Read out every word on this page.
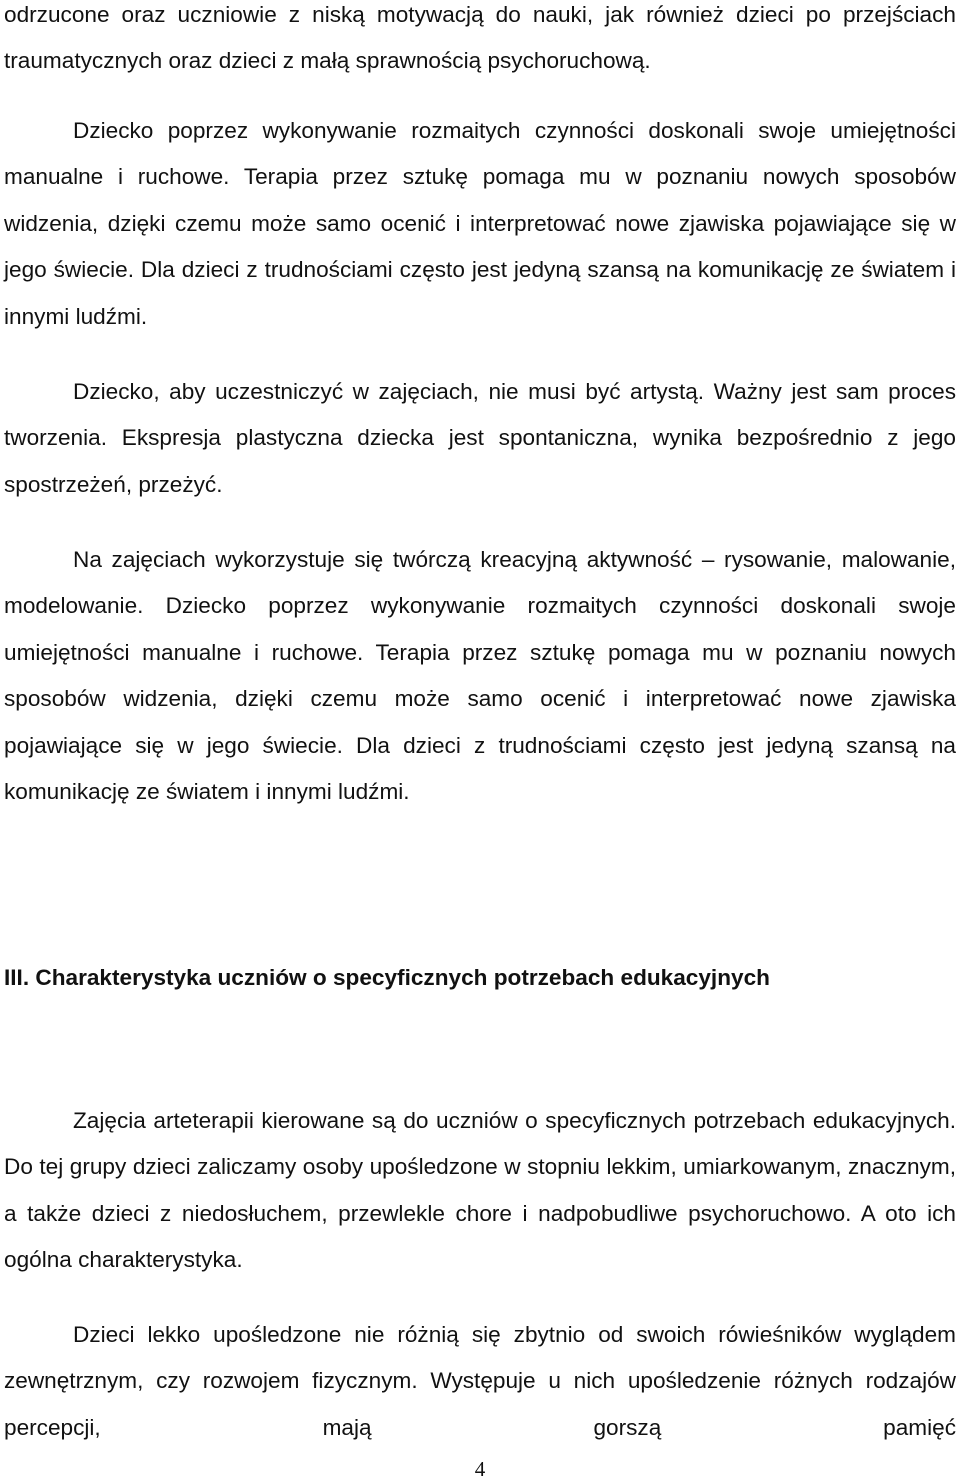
odrzucone oraz uczniowie z niską motywacją do nauki, jak również dzieci po przejściach traumatycznych oraz dzieci z małą sprawnością psychoruchową.

Dziecko poprzez wykonywanie rozmaitych czynności doskonali swoje umiejętności manualne i ruchowe. Terapia przez sztukę pomaga mu w poznaniu nowych sposobów widzenia, dzięki czemu może samo ocenić i interpretować nowe zjawiska pojawiające się w jego świecie. Dla dzieci z trudnościami często jest jedyną szansą na komunikację ze światem i innymi ludźmi.

Dziecko, aby uczestniczyć w zajęciach, nie musi być artystą. Ważny jest sam proces tworzenia. Ekspresja plastyczna dziecka jest spontaniczna, wynika bezpośrednio z jego spostrzeżeń, przeżyć.

Na zajęciach wykorzystuje się twórczą kreacyjną aktywność – rysowanie, malowanie, modelowanie. Dziecko poprzez wykonywanie rozmaitych czynności doskonali swoje umiejętności manualne i ruchowe. Terapia przez sztukę pomaga mu w poznaniu nowych sposobów widzenia, dzięki czemu może samo ocenić i interpretować nowe zjawiska pojawiające się w jego świecie. Dla dzieci z trudnościami często jest jedyną szansą na komunikację ze światem i innymi ludźmi.

III. Charakterystyka uczniów o specyficznych potrzebach edukacyjnych

Zajęcia arteterapii kierowane są do uczniów o specyficznych potrzebach edukacyjnych. Do tej grupy dzieci zaliczamy osoby upośledzone w stopniu lekkim, umiarkowanym, znacznym, a także dzieci z niedosłuchem, przewlekle chore i nadpobudliwe psychoruchowo. A oto ich ogólna charakterystyka.

Dzieci lekko upośledzone nie różnią się zbytnio od swoich rówieśników wyglądem zewnętrznym, czy rozwojem fizycznym. Występuje u nich upośledzenie różnych rodzajów percepcji, mają gorszą pamięć

4
